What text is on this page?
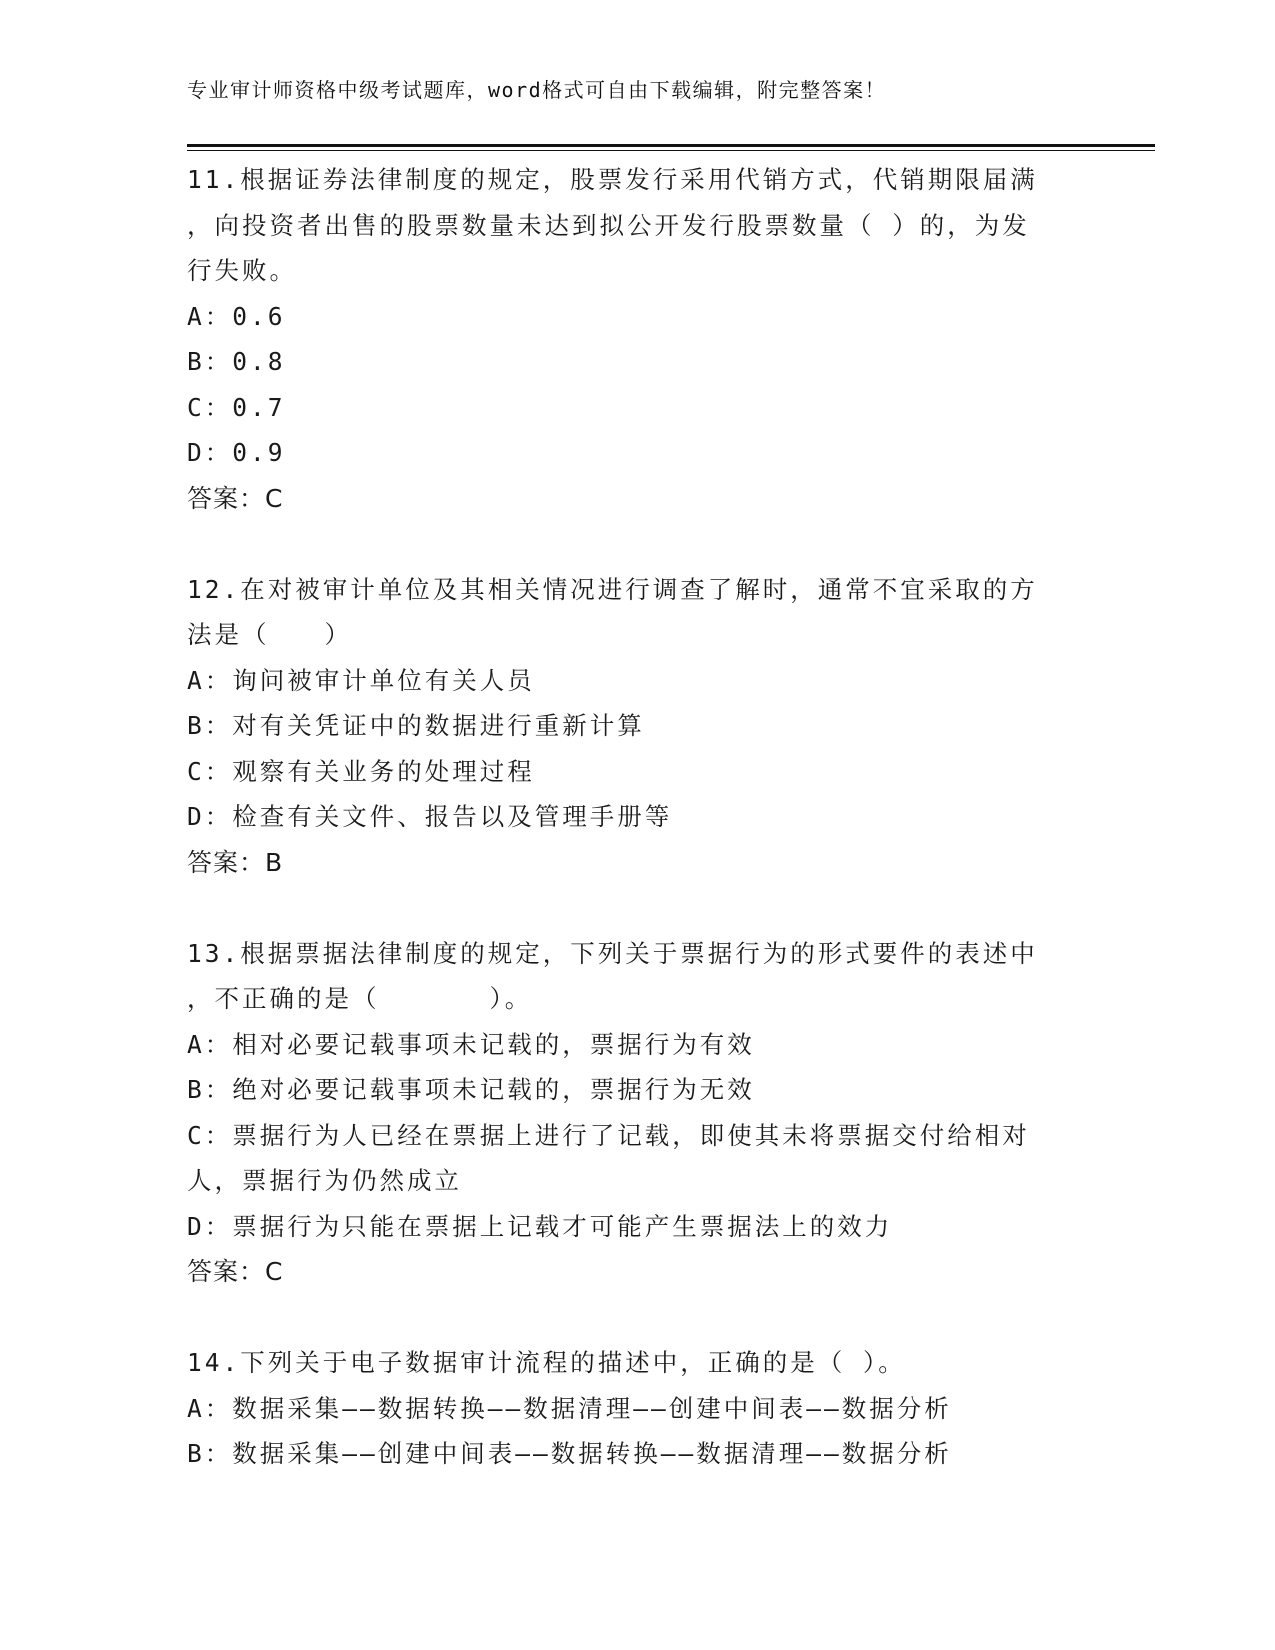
专业审计师资格中级考试题库，word格式可自由下载编辑，附完整答案！
11.根据证券法律制度的规定，股票发行采用代销方式，代销期限届满
，向投资者出售的股票数量未达到拟公开发行股票数量（ ）的，为发
行失败。
A：0.6
B：0.8
C：0.7
D：0.9
答案：C
12.在对被审计单位及其相关情况进行调查了解时，通常不宜采取的方
法是（　　）
A：询问被审计单位有关人员
B：对有关凭证中的数据进行重新计算
C：观察有关业务的处理过程
D：检查有关文件、报告以及管理手册等
答案：B
13.根据票据法律制度的规定，下列关于票据行为的形式要件的表述中
，不正确的是（　　　　）。
A：相对必要记载事项未记载的，票据行为有效
B：绝对必要记载事项未记载的，票据行为无效
C：票据行为人已经在票据上进行了记载，即使其未将票据交付给相对
人，票据行为仍然成立
D：票据行为只能在票据上记载才可能产生票据法上的效力
答案：C
14.下列关于电子数据审计流程的描述中，正确的是（ ）。
A：数据采集——数据转换——数据清理——创建中间表——数据分析
B：数据采集——创建中间表——数据转换——数据清理——数据分析
